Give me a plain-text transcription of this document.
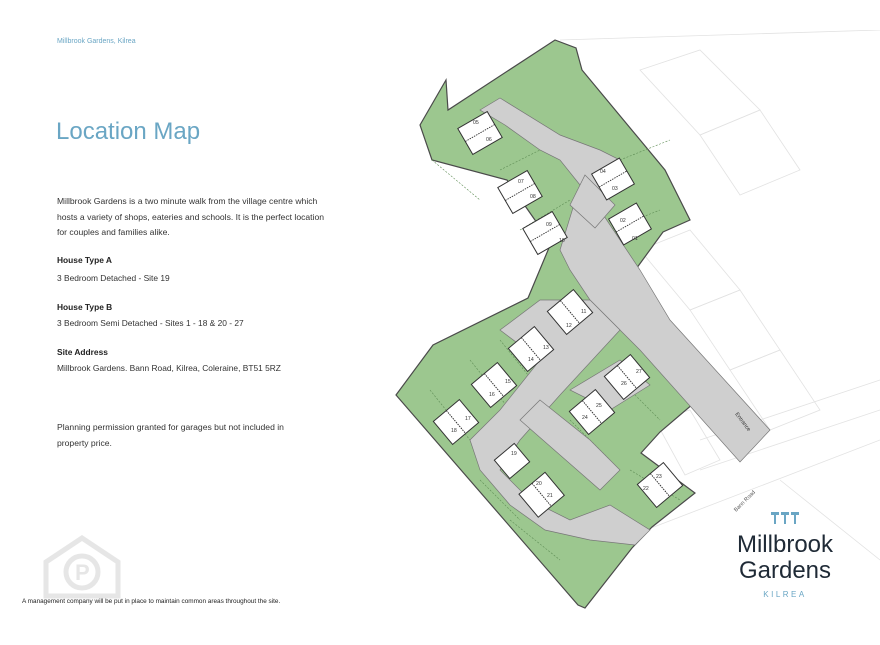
Millbrook Gardens, Kilrea
Location Map

Millbrook Gardens is a two minute walk from the village centre which hosts a variety of shops, eateries and schools. It is the perfect location for couples and families alike.

House Type A
3 Bedroom Detached - Site 19
House Type B
3 Bedroom Semi Detached - Sites 1 - 18 & 20 - 27
Site Address
Millbrook Gardens. Bann Road, Kilrea, Coleraine, BT51 5RZ

Planning permission granted for garages but not included in property price.

A management company will be put in place to maintain common areas throughout the site.
P
05
06
07
08
04
03
09
10
02
01
11
12
13
14
15
16
17
18
27
26
25
24
19
20
21
23
22
Entrance
Bann Road
Millbrook
Gardens
KILREA
